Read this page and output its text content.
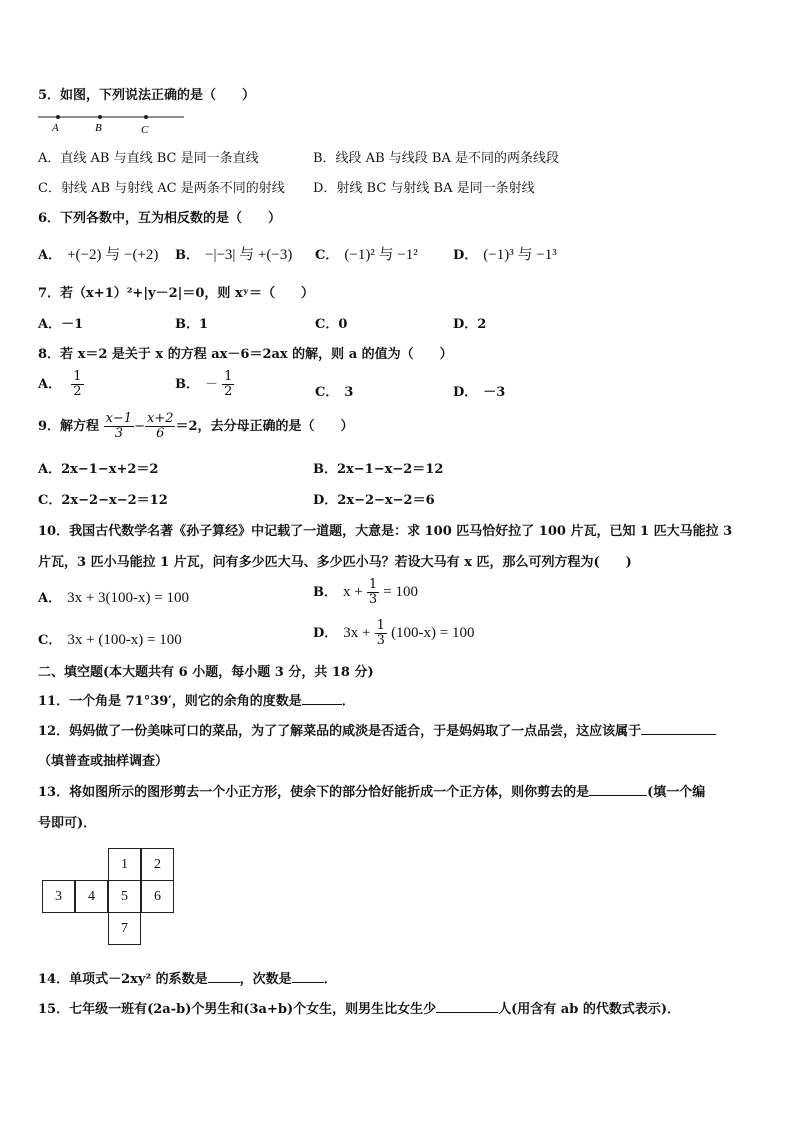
5．如图，下列说法正确的是（　　）
A	B	C
A．直线 AB 与直线 BC 是同一条直线	B．线段 AB 与线段 BA 是不同的两条线段
C．射线 AB 与射线 AC 是两条不同的射线 D．射线 BC 与射线 BA 是同一条射线
6．下列各数中，互为相反数的是（　　）
A． +(−2) 与 −(+2) B． −|−3| 与 +(−3) C． (−1)² 与 −1²	D． (−1)³ 与 −1³
7．若（x+1）²+|y－2|＝0，则 xʸ＝（　　）
A．－1	B．1	C．0	D．2
8．若 x＝2 是关于 x 的方程 ax－6＝2ax 的解，则 a 的值为（　　）
A． $\frac{1}{2}$	B． － $\frac{1}{2}$	C． 3	D． －3
9．解方程 $\frac{x-1}{3} - \frac{x+2}{6} =2$，去分母正确的是（　　）
A．2x−1−x+2＝2	B．2x−1−x−2＝12
C．2x−2−x−2＝12	D．2x−2−x−2＝6
10．我国古代数学名著《孙子算经》中记载了一道题，大意是：求 100 匹马恰好拉了 100 片瓦，已知 1 匹大马能拉 3
片瓦，3 匹小马能拉 1 片瓦，问有多少匹大马、多少匹小马？若设大马有 x 匹，那么可列方程为(　　)
A． 3x + 3(100-x) = 100	B． $x + \frac{1}{3} = 100$
C． 3x + (100-x) = 100	D． $3x + \frac{1}{3} (100-x) = 100$
二、填空题(本大题共有 6 小题，每小题 3 分，共 18 分)
11．一个角是 71°39′，则它的余角的度数是	．
12．妈妈做了一份美味可口的菜品，为了了解菜品的咸淡是否适合，于是妈妈取了一点品尝，这应该属于
（填普查或抽样调查）
13．将如图所示的图形剪去一个小正方形，使余下的部分恰好能折成一个正方体，则你剪去的是	(填一个编
号即可)．
1	2
3	4	5	6
7
14．单项式－2xy² 的系数是 ，次数是 ．
15．七年级一班有(2a-b)个男生和(3a+b)个女生，则男生比女生少	人(用含有 ab 的代数式表示)．
